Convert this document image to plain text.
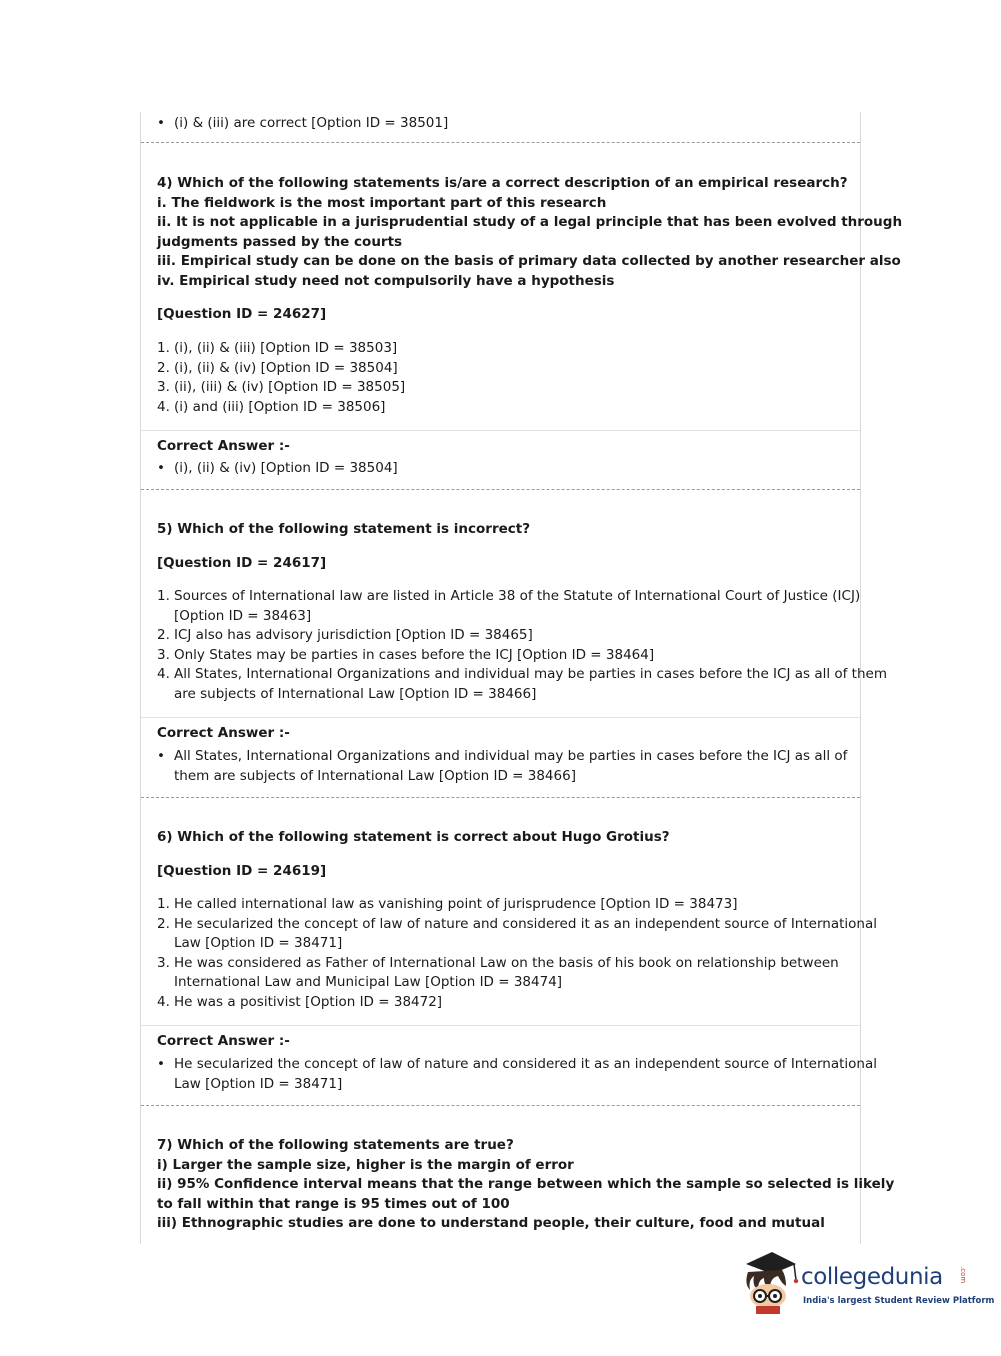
• (i) & (iii) are correct [Option ID = 38501]
4) Which of the following statements is/are a correct description of an empirical research?
i. The fieldwork is the most important part of this research
ii. It is not applicable in a jurisprudential study of a legal principle that has been evolved through
judgments passed by the courts
iii. Empirical study can be done on the basis of primary data collected by another researcher also
iv. Empirical study need not compulsorily have a hypothesis
[Question ID = 24627]
1. (i), (ii) & (iii) [Option ID = 38503]
2. (i), (ii) & (iv) [Option ID = 38504]
3. (ii), (iii) & (iv) [Option ID = 38505]
4. (i) and (iii) [Option ID = 38506]
Correct Answer :-
• (i), (ii) & (iv) [Option ID = 38504]
5) Which of the following statement is incorrect?
[Question ID = 24617]
1. Sources of International law are listed in Article 38 of the Statute of International Court of Justice (ICJ)
[Option ID = 38463]
2. ICJ also has advisory jurisdiction [Option ID = 38465]
3. Only States may be parties in cases before the ICJ [Option ID = 38464]
4. All States, International Organizations and individual may be parties in cases before the ICJ as all of them
are subjects of International Law [Option ID = 38466]
Correct Answer :-
• All States, International Organizations and individual may be parties in cases before the ICJ as all of
them are subjects of International Law [Option ID = 38466]
6) Which of the following statement is correct about Hugo Grotius?
[Question ID = 24619]
1. He called international law as vanishing point of jurisprudence [Option ID = 38473]
2. He secularized the concept of law of nature and considered it as an independent source of International
Law [Option ID = 38471]
3. He was considered as Father of International Law on the basis of his book on relationship between
International Law and Municipal Law [Option ID = 38474]
4. He was a positivist [Option ID = 38472]
Correct Answer :-
• He secularized the concept of law of nature and considered it as an independent source of International
Law [Option ID = 38471]
7) Which of the following statements are true?
i) Larger the sample size, higher is the margin of error
ii) 95% Confidence interval means that the range between which the sample so selected is likely
to fall within that range is 95 times out of 100
iii) Ethnographic studies are done to understand people, their culture, food and mutual
collegedunia .com
India's largest Student Review Platform
